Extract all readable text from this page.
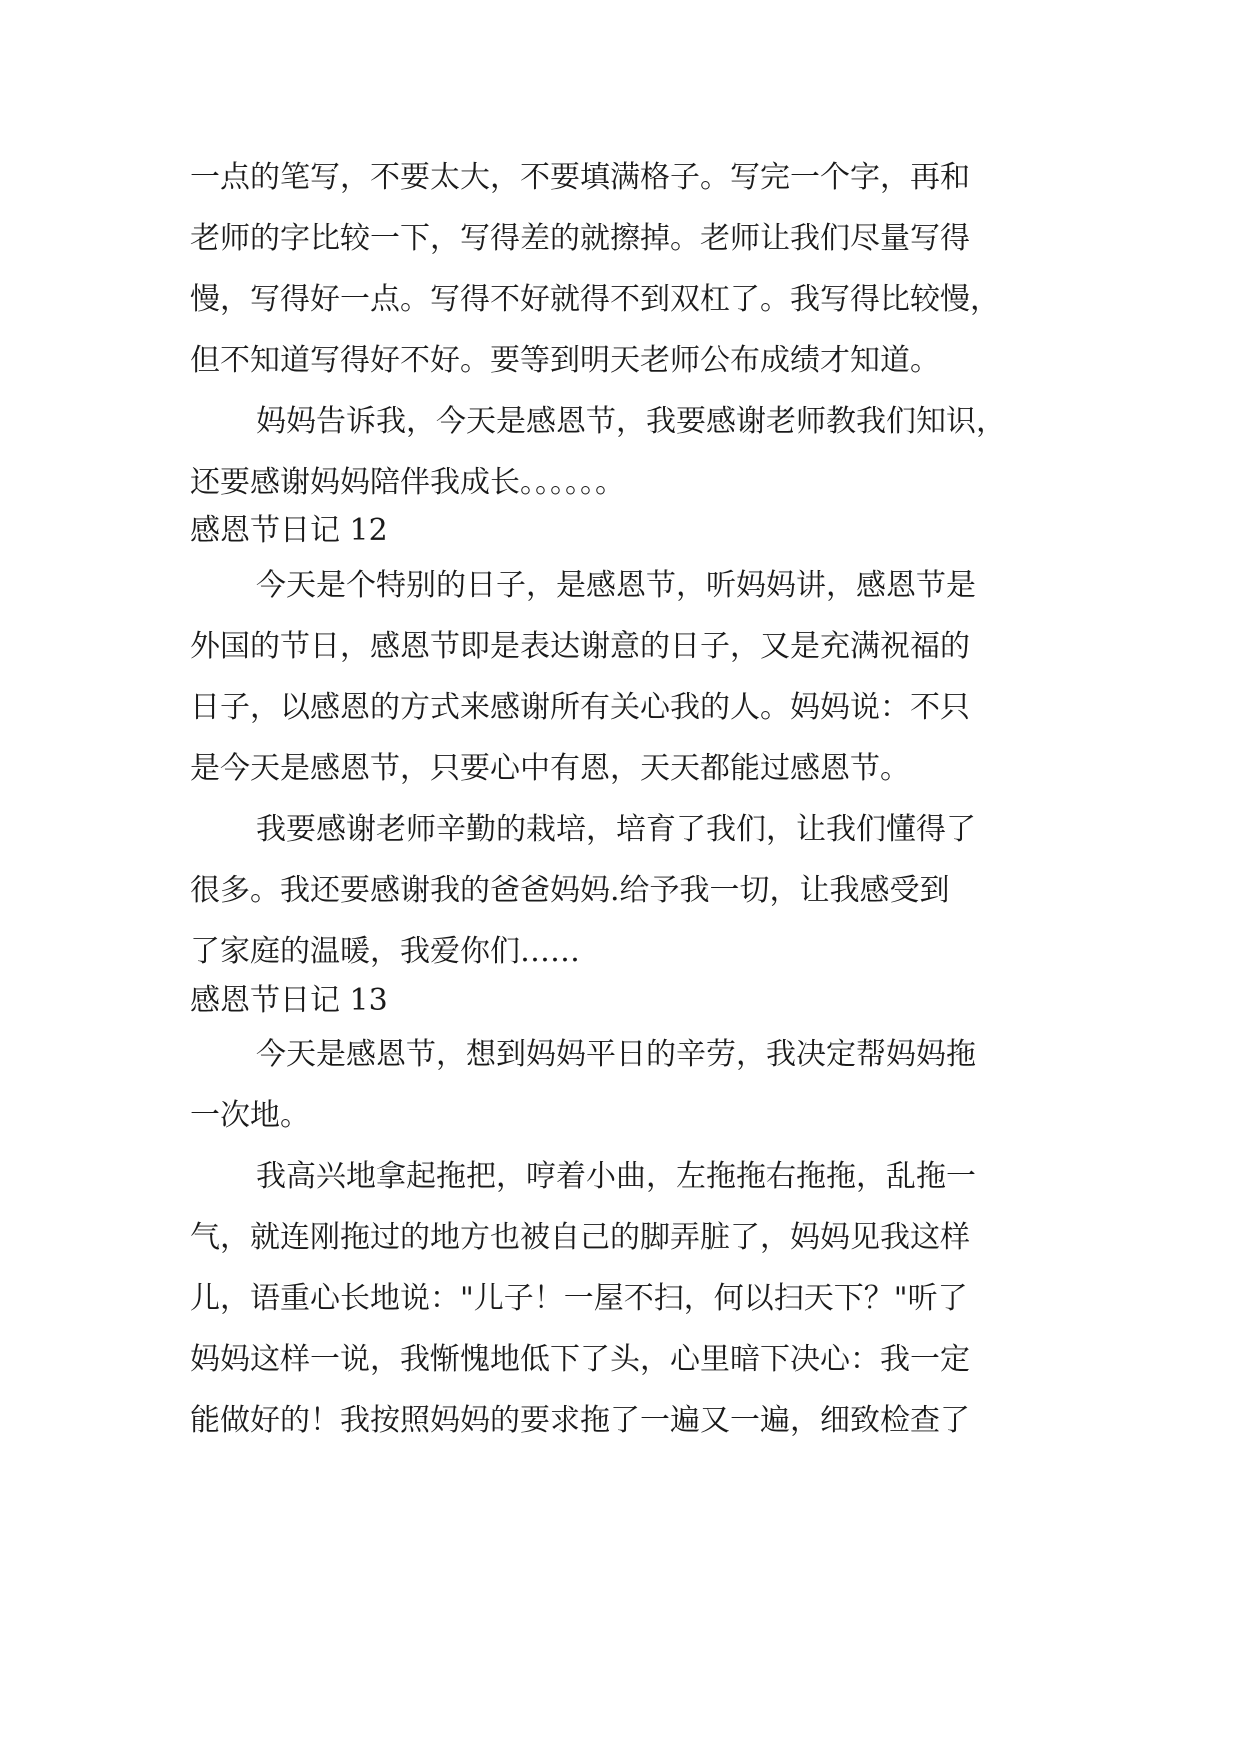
一点的笔写，不要太大，不要填满格子。写完一个字，再和
老师的字比较一下，写得差的就擦掉。老师让我们尽量写得
慢，写得好一点。写得不好就得不到双杠了。我写得比较慢，
但不知道写得好不好。要等到明天老师公布成绩才知道。

妈妈告诉我，今天是感恩节，我要感谢老师教我们知识，
还要感谢妈妈陪伴我成长。。。。。。

感恩节日记 12

今天是个特别的日子，是感恩节，听妈妈讲，感恩节是
外国的节日，感恩节即是表达谢意的日子，又是充满祝福的
日子，以感恩的方式来感谢所有关心我的人。妈妈说：不只
是今天是感恩节，只要心中有恩，天天都能过感恩节。

我要感谢老师辛勤的栽培，培育了我们，让我们懂得了
很多。我还要感谢我的爸爸妈妈.给予我一切，让我感受到
了家庭的温暖，我爱你们……

感恩节日记 13

今天是感恩节，想到妈妈平日的辛劳，我决定帮妈妈拖
一次地。

我高兴地拿起拖把，哼着小曲，左拖拖右拖拖，乱拖一
气，就连刚拖过的地方也被自己的脚弄脏了，妈妈见我这样
儿，语重心长地说："儿子！一屋不扫，何以扫天下？"听了
妈妈这样一说，我惭愧地低下了头，心里暗下决心：我一定
能做好的！我按照妈妈的要求拖了一遍又一遍，细致检查了
